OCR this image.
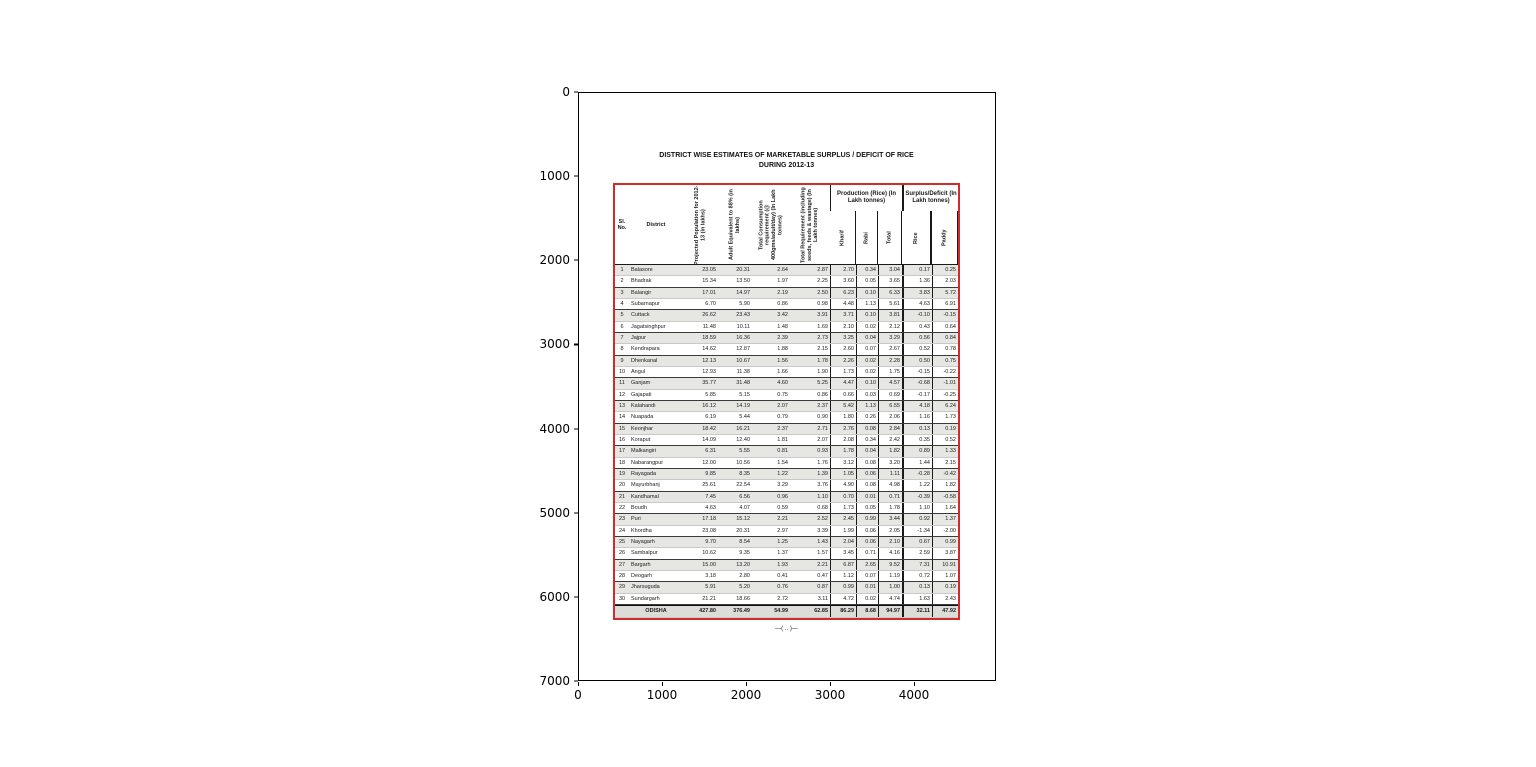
0
1000
2000
3000
4000
5000
6000
7000
0	1000	2000	3000	4000
DISTRICT WISE ESTIMATES OF MARKETABLE SURPLUS / DEFICIT OF RICE
DURING 2012-13
Sl. No.
District	Projected Population for 2012-13 (in lakhs)	Adult Equivalent to 88% (in lakhs)	Total Consumption requirement (@ 400gms/adult/day) (In Lakh tonnes)	Total Requirement (including seeds, feeds & wastage) (In Lakh tonnes)
Production (Rice) (In Lakh tonnes)
Surplus/Deficit (In Lakh tonnes)
Kharif	Rabi	Total	Rice	Paddy
1	Balasore	23.05	20.31	2.64	2.87	2.70	0.34	3.04	0.17	0.25
2	Bhadrak	15.34	13.50	1.97	2.25	3.60	0.05	3.65	1.36	2.03
3	Balangir	17.01	14.97	2.19	2.50	6.23	0.10	6.33	3.83	5.72
4	Subarnapur	6.70	5.90	0.86	0.98	4.48	1.13	5.61	4.63	6.91
5	Cuttack	26.62	23.43	3.42	3.91	3.71	0.10	3.81	-0.10	-0.15
6	Jagatsinghpur	11.48	10.11	1.48	1.69	2.10	0.02	2.12	0.43	0.64
7	Jajpur	18.59	16.36	2.39	2.73	3.25	0.04	3.29	0.56	0.84
8	Kendrapara	14.62	12.87	1.88	2.15	2.60	0.07	2.67	0.52	0.78
9	Dhenkanal	12.13	10.67	1.56	1.78	2.26	0.02	2.28	0.50	0.75
10	Angul	12.93	11.38	1.66	1.90	1.73	0.02	1.75	-0.15	-0.22
11	Ganjam	35.77	31.48	4.60	5.25	4.47	0.10	4.57	-0.68	-1.01
12	Gajapati	5.85	5.15	0.75	0.86	0.66	0.03	0.69	-0.17	-0.25
13	Kalahandi	16.12	14.19	2.07	2.37	5.42	1.13	6.55	4.18	6.24
14	Nuapada	6.19	5.44	0.79	0.90	1.80	0.26	2.06	1.16	1.73
15	Keonjhar	18.42	16.21	2.37	2.71	2.76	0.08	2.84	0.13	0.19
16	Koraput	14.09	12.40	1.81	2.07	2.08	0.34	2.42	0.35	0.52
17	Malkangiri	6.31	5.55	0.81	0.93	1.78	0.04	1.82	0.89	1.33
18	Nabarangpur	12.00	10.56	1.54	1.76	3.12	0.08	3.20	1.44	2.15
19	Rayagada	9.85	8.35	1.22	1.39	1.05	0.06	1.11	-0.28	-0.42
20	Mayurbhanj	25.61	22.54	3.29	3.76	4.90	0.08	4.98	1.22	1.82
21	Kandhamal	7.45	6.56	0.96	1.10	0.70	0.01	0.71	-0.39	-0.58
22	Boudh	4.63	4.07	0.59	0.68	1.73	0.05	1.78	1.10	1.64
23	Puri	17.18	15.12	2.21	2.52	2.45	0.99	3.44	0.92	1.37
24	Khordha	23.08	20.31	2.97	3.39	1.99	0.06	2.05	-1.34	-2.00
25	Nayagarh	9.70	8.54	1.25	1.43	2.04	0.06	2.10	0.67	0.99
26	Sambalpur	10.62	9.35	1.37	1.57	3.45	0.71	4.16	2.59	3.87
27	Bargarh	15.00	13.20	1.93	2.21	6.87	2.65	9.52	7.31	10.91
28	Deogarh	3.18	2.80	0.41	0.47	1.12	0.07	1.19	0.72	1.07
29	Jharsuguda	5.91	5.20	0.76	0.87	0.99	0.01	1.00	0.13	0.19
30	Sundargarh	21.21	18.66	2.72	3.11	4.72	0.02	4.74	1.63	2.43
ODISHA	427.80	376.49	54.99	62.85	86.29	8.68	94.97	32.11	47.92
—( .. )—
